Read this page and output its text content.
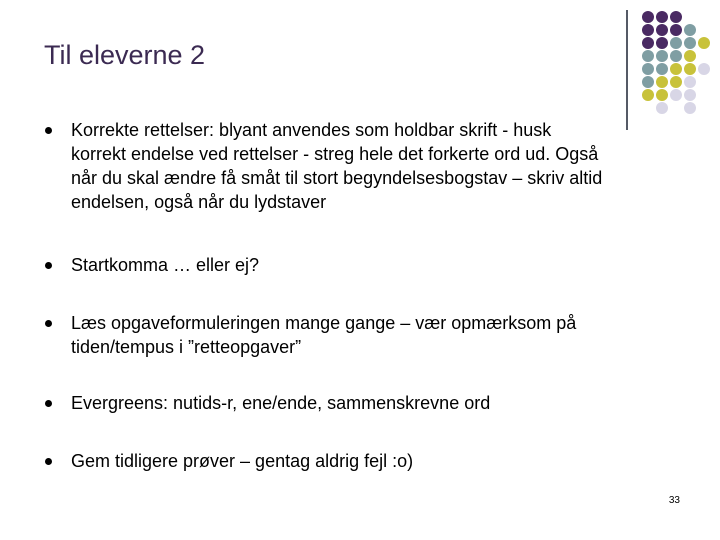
Til eleverne 2
Korrekte rettelser: blyant anvendes som holdbar skrift - husk
korrekt endelse ved rettelser - streg hele det forkerte ord ud. Også
når du skal ændre få småt til stort begyndelsesbogstav – skriv altid
endelsen, også når du lydstaver
Startkomma … eller ej?
Læs opgaveformuleringen mange gange – vær opmærksom på
tiden/tempus i ”retteopgaver”
Evergreens: nutids-r, ene/ende, sammenskrevne ord
Gem tidligere prøver – gentag aldrig fejl :o)
33
